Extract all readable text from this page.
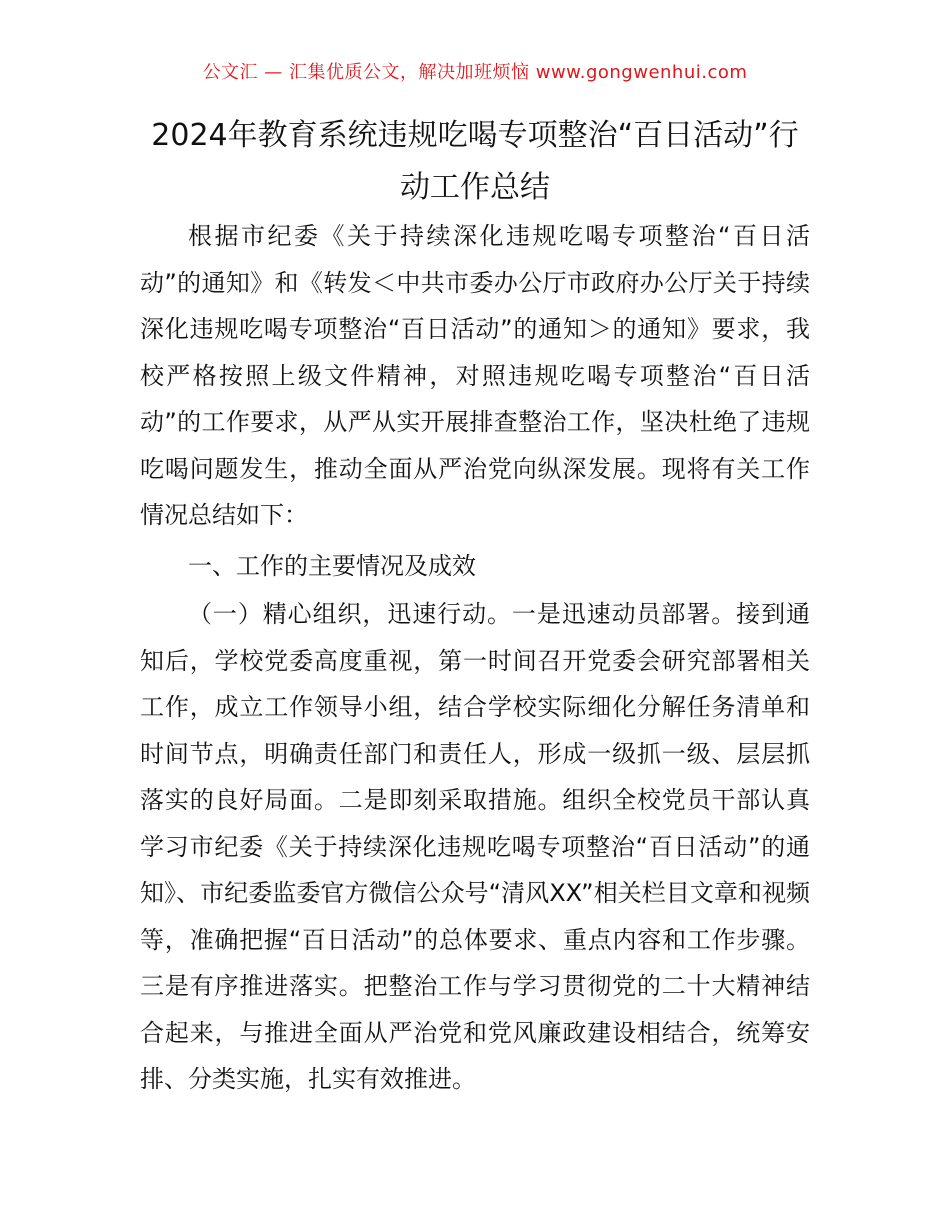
公文汇 — 汇集优质公文，解决加班烦恼 www.gongwenhui.com
2024年教育系统违规吃喝专项整治“百日活动”行动工作总结

根据市纪委《关于持续深化违规吃喝专项整治“百日活动”的通知》和《转发＜中共市委办公厅市政府办公厅关于持续深化违规吃喝专项整治“百日活动”的通知＞的通知》要求，我校严格按照上级文件精神，对照违规吃喝专项整治“百日活动”的工作要求，从严从实开展排查整治工作，坚决杜绝了违规吃喝问题发生，推动全面从严治党向纵深发展。现将有关工作情况总结如下：

一、工作的主要情况及成效

（一）精心组织，迅速行动。一是迅速动员部署。接到通知后，学校党委高度重视，第一时间召开党委会研究部署相关工作，成立工作领导小组，结合学校实际细化分解任务清单和时间节点，明确责任部门和责任人，形成一级抓一级、层层抓落实的良好局面。二是即刻采取措施。组织全校党员干部认真学习市纪委《关于持续深化违规吃喝专项整治“百日活动”的通知》、市纪委监委官方微信公众号“清风XX”相关栏目文章和视频等，准确把握“百日活动”的总体要求、重点内容和工作步骤。三是有序推进落实。把整治工作与学习贯彻党的二十大精神结合起来，与推进全面从严治党和党风廉政建设相结合，统筹安排、分类实施，扎实有效推进。
